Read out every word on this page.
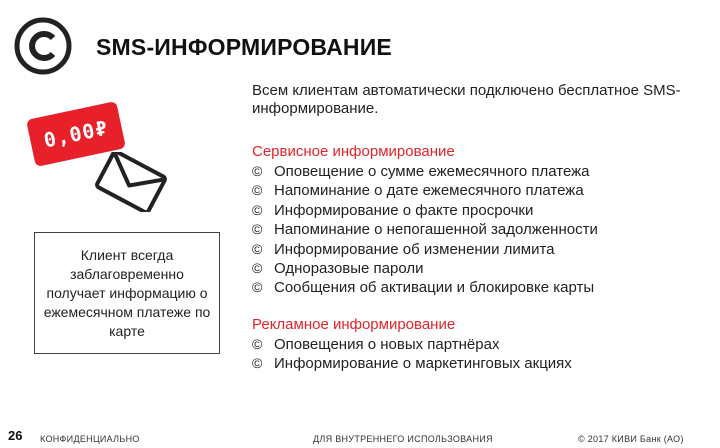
SMS-ИНФОРМИРОВАНИЕ
Всем клиентам автоматически подключено бесплатное SMS-информирование.
0,00₽
Клиент всегда заблаговременно получает информацию о ежемесячном платеже по карте
Сервисное информирование
© Оповещение о сумме ежемесячного платежа
© Напоминание о дате ежемесячного платежа
© Информирование о факте просрочки
© Напоминание о непогашенной задолженности
© Информирование об изменении лимита
© Одноразовые пароли
© Сообщения об активации и блокировке карты
Рекламное информирование
© Оповещения о новых партнёрах
© Информирование о маркетинговых акциях
26 КОНФИДЕНЦИАЛЬНО	ДЛЯ ВНУТРЕННЕГО ИСПОЛЬЗОВАНИЯ	© 2017 КИВИ Банк (АО)
